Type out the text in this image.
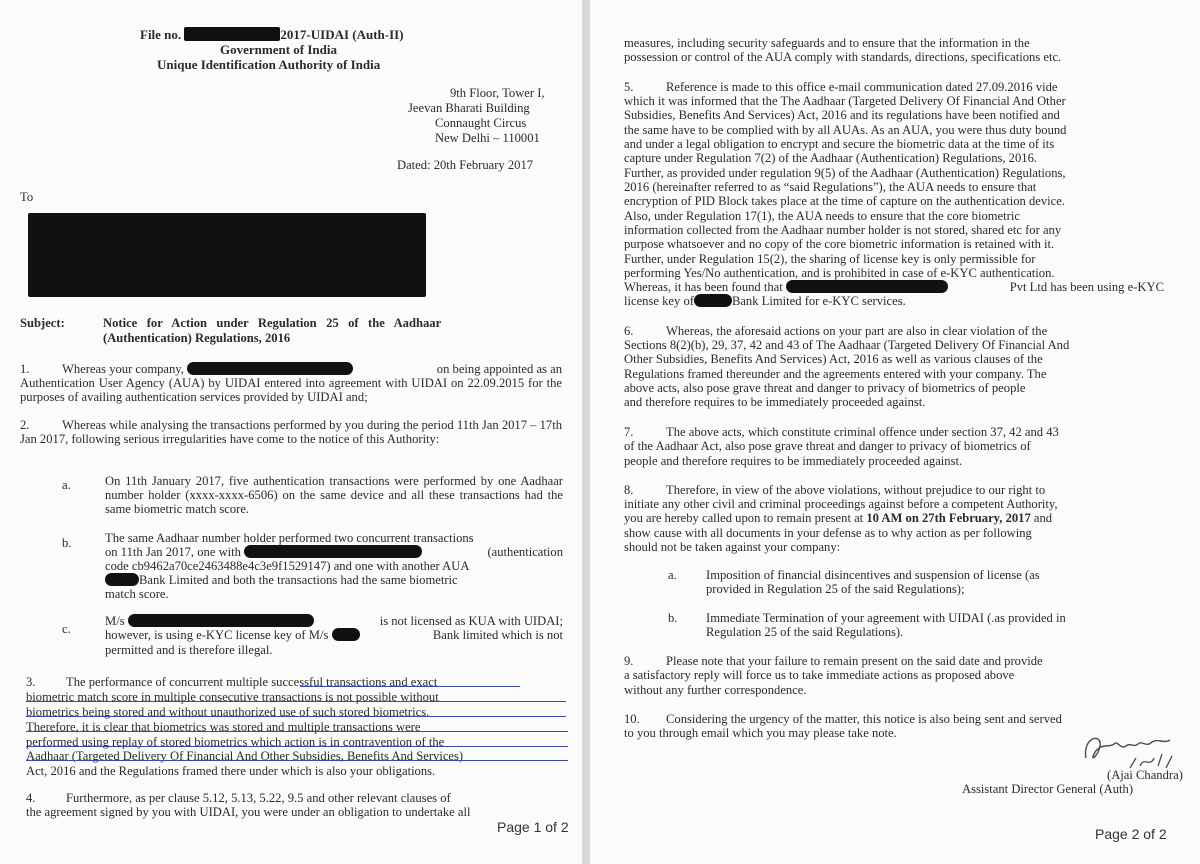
File no.	2017-UIDAI (Auth-II)
Government of India
Unique Identification Authority of India
9th Floor, Tower I,
Jeevan Bharati Building
Connaught Circus
New Delhi – 110001
Dated: 20th February 2017
To
Subject:	Notice   for   Action   under   Regulation   25   of   the   Aadhaar
(Authentication) Regulations, 2016
1.	Whereas your company,	on being appointed as an
Authentication User Agency (AUA) by UIDAI entered into agreement with UIDAI on 22.09.2015 for the purposes of availing authentication services provided by UIDAI and;
2.	Whereas while analysing the transactions performed by you during the period 11th Jan 2017 – 17th Jan 2017, following serious irregularities have come to the notice of this Authority:
a.	On 11th January 2017, five authentication transactions were performed by one Aadhaar number holder (xxxx-xxxx-6506) on the same device and all these transactions had the same biometric match score.
b.	The same Aadhaar number holder performed two concurrent transactions
on 11th Jan 2017, one with	(authentication
code cb9462a70ce2463488e4c3e9f1529147) and one with another AUA
Bank Limited and both the transactions had the same biometric
match score.
c.
M/s	is not licensed as KUA with UIDAI;
however, is using e-KYC license key of M/s	Bank limited which is not
permitted and is therefore illegal.
3. The performance of concurrent multiple successful transactions and exact
biometric match score in multiple consecutive transactions is not possible without
biometrics being stored and without unauthorized use of such stored biometrics.
Therefore, it is clear that biometrics was stored and multiple transactions were
performed using replay of stored biometrics which action is in contravention of the
Aadhaar (Targeted Delivery Of Financial And Other Subsidies, Benefits And Services)
Act, 2016 and the Regulations framed there under which is also your obligations.
4. Furthermore, as per clause 5.12, 5.13, 5.22, 9.5 and other relevant clauses of
the agreement signed by you with UIDAI, you were under an obligation to undertake all
Page 1 of 2
measures, including security safeguards and to ensure that the information in the
possession or control of the AUA comply with standards, directions, specifications etc.
5.	Reference is made to this office e-mail communication dated 27.09.2016 vide
which it was informed that the The Aadhaar (Targeted Delivery Of Financial And Other
Subsidies, Benefits And Services) Act, 2016 and its regulations have been notified and
the same have to be complied with by all AUAs. As an AUA, you were thus duty bound
and under a legal obligation to encrypt and secure the biometric data at the time of its
capture under Regulation 7(2) of the Aadhaar (Authentication) Regulations, 2016.
Further, as provided under regulation 9(5) of the Aadhaar (Authentication) Regulations,
2016 (hereinafter referred to as “said Regulations”), the AUA needs to ensure that
encryption of PID Block takes place at the time of capture on the authentication device.
Also, under Regulation 17(1), the AUA needs to ensure that the core biometric
information collected from the Aadhaar number holder is not stored, shared etc for any
purpose whatsoever and no copy of the core biometric information is retained with it.
Further, under Regulation 15(2), the sharing of license key is only permissible for
performing Yes/No authentication, and is prohibited in case of e-KYC authentication.
Whereas, it has been found that	Pvt Ltd has been using e-KYC
license key of	Bank Limited for e-KYC services.
6.	Whereas, the aforesaid actions on your part are also in clear violation of the
Sections 8(2)(b), 29, 37, 42 and 43 of The Aadhaar (Targeted Delivery Of Financial And
Other Subsidies, Benefits And Services) Act, 2016 as well as various clauses of the
Regulations framed thereunder and the agreements entered with your company. The
above acts, also pose grave threat and danger to privacy of biometrics of people
and therefore requires to be immediately proceeded against.
7.	The above acts, which constitute criminal offence under section 37, 42 and 43
of the Aadhaar Act, also pose grave threat and danger to privacy of biometrics of
people and therefore requires to be immediately proceeded against.
8.	Therefore, in view of the above violations, without prejudice to our right to
initiate any other civil and criminal proceedings against before a competent Authority,
you are hereby called upon to remain present at 10 AM on 27th February, 2017 and
show cause with all documents in your defense as to why action as per following
should not be taken against your company:
a. Imposition of financial disincentives and suspension of license (as
provided in Regulation 25 of the said Regulations);
b. Immediate Termination of your agreement with UIDAI (.as provided in
Regulation 25 of the said Regulations).
9.	Please note that your failure to remain present on the said date and provide
a satisfactory reply will force us to take immediate actions as proposed above
without any further correspondence.
10. Considering the urgency of the matter, this notice is also being sent and served
to you through email which you may please take note.
(Ajai Chandra)
Assistant Director General (Auth)
Page 2 of 2
